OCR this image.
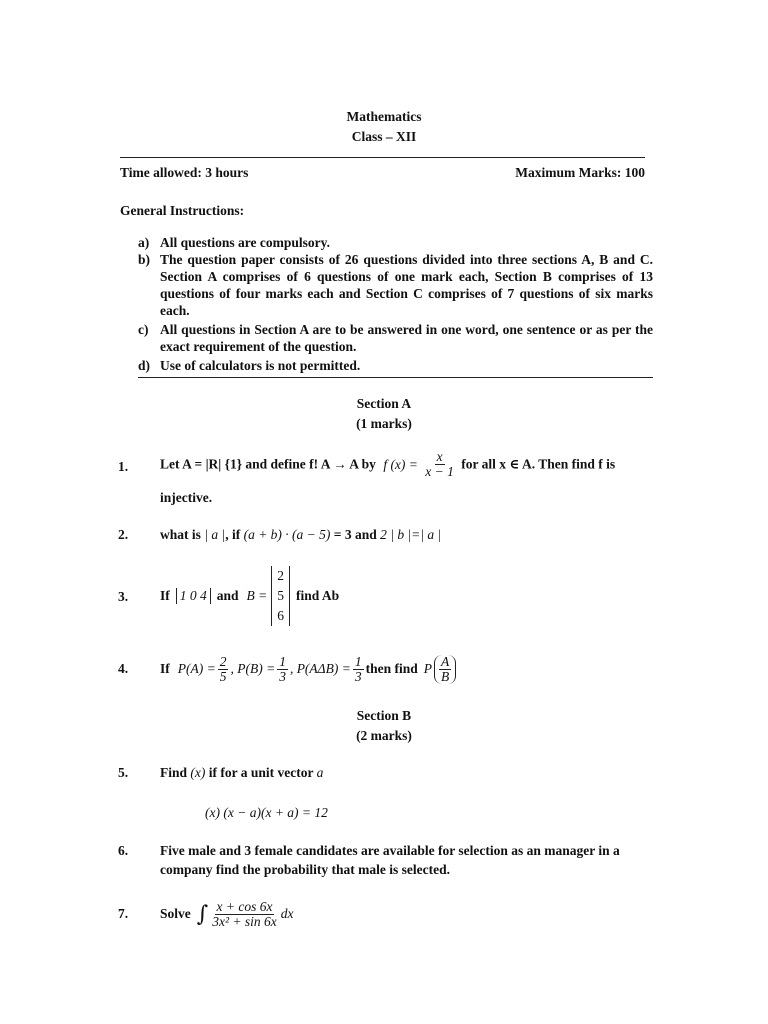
Mathematics
Class – XII
Time allowed: 3 hours	Maximum Marks: 100
General Instructions:
a) All questions are compulsory.
b) The question paper consists of 26 questions divided into three sections A, B and C. Section A comprises of 6 questions of one mark each, Section B comprises of 13 questions of four marks each and Section C comprises of 7 questions of six marks each.
c) All questions in Section A are to be answered in one word, one sentence or as per the exact requirement of the question.
d) Use of calculators is not permitted.
Section A
(1 marks)
1. Let A = |R| {1} and define f! A → A by f $(x) = \frac{x}{x - 1}$ for all x ∈ A. Then find f is
injective.
2. what is | a |, if (a + b) · (a − 5) = 3 and 2 | b |=| a |
3. If 1 0 4 and B =
2
5
6
find Ab
4. If $P(A) = \frac{2}{5}$ , $P(B) = \frac{1}{3}$ , $P(A\Delta B) = \frac{1}{3}$ then find P $\frac{A}{B}$
Section B
(2 marks)
5. Find (x) if for a unit vector a
(x) (x − a)(x + a) = 12
6. Five male and 3 female candidates are available for selection as an manager in a
company find the probability that male is selected.
7. Solve ∫ $\frac{x + \cos 6x}{\text{3x² + sin 6x}}$ dx
